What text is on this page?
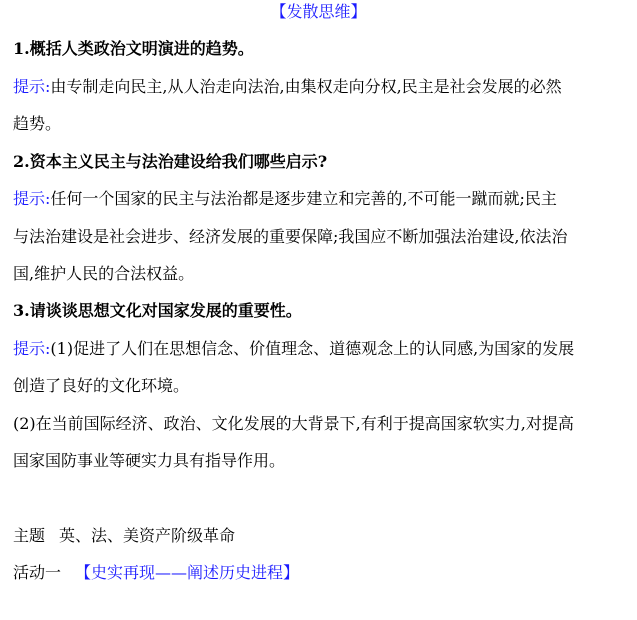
【发散思维】
1.概括人类政治文明演进的趋势。
提示:由专制走向民主,从人治走向法治,由集权走向分权,民主是社会发展的必然
趋势。
2.资本主义民主与法治建设给我们哪些启示?
提示:任何一个国家的民主与法治都是逐步建立和完善的,不可能一蹴而就;民主
与法治建设是社会进步、经济发展的重要保障;我国应不断加强法治建设,依法治
国,维护人民的合法权益。
3.请谈谈思想文化对国家发展的重要性。
提示:(1)促进了人们在思想信念、价值理念、道德观念上的认同感,为国家的发展
创造了良好的文化环境。
(2)在当前国际经济、政治、文化发展的大背景下,有利于提高国家软实力,对提高
国家国防事业等硬实力具有指导作用。
主题 英、法、美资产阶级革命
活动一 【史实再现——阐述历史进程】
